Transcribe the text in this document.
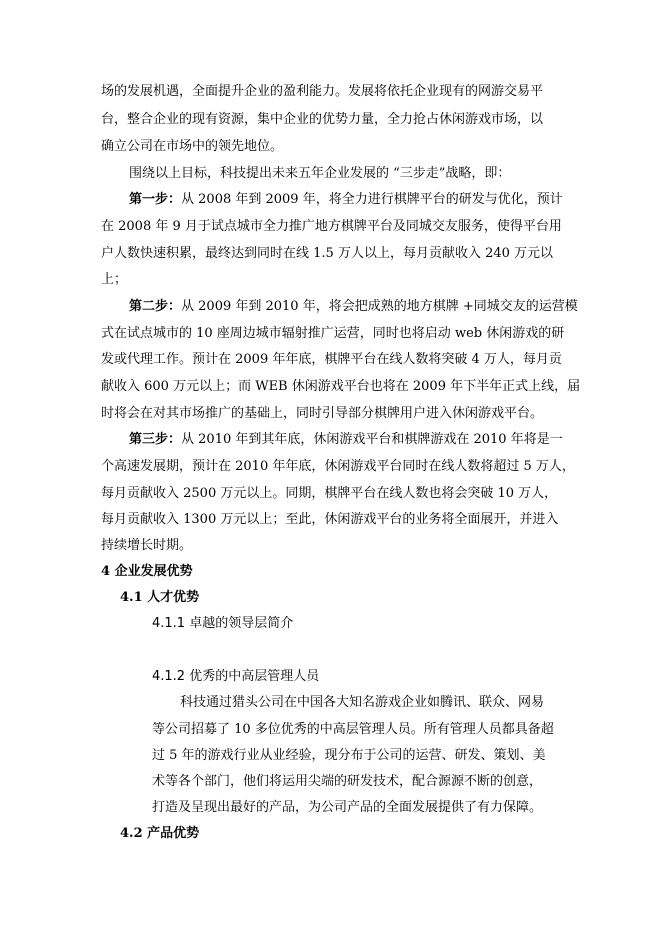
场的发展机遇，全面提升企业的盈利能力。发展将依托企业现有的网游交易平
台，整合企业的现有资源，集中企业的优势力量，全力抢占休闲游戏市场，以
确立公司在市场中的领先地位。
围绕以上目标，科技提出未来五年企业发展的 “三步走”战略，即：
第一步：从 2008 年到 2009 年，将全力进行棋牌平台的研发与优化，预计
在 2008 年 9 月于试点城市全力推广地方棋牌平台及同城交友服务，使得平台用
户人数快速积累，最终达到同时在线 1.5 万人以上，每月贡献收入 240 万元以
上；
第二步：从 2009 年到 2010 年，将会把成熟的地方棋牌 +同城交友的运营模
式在试点城市的 10 座周边城市辐射推广运营，同时也将启动 web 休闲游戏的研
发或代理工作。预计在 2009 年年底，棋牌平台在线人数将突破 4 万人，每月贡
献收入 600 万元以上；而 WEB 休闲游戏平台也将在 2009 年下半年正式上线，届
时将会在对其市场推广的基础上，同时引导部分棋牌用户进入休闲游戏平台。
第三步：从 2010 年到其年底，休闲游戏平台和棋牌游戏在 2010 年将是一
个高速发展期，预计在 2010 年年底，休闲游戏平台同时在线人数将超过 5 万人，
每月贡献收入 2500 万元以上。同期，棋牌平台在线人数也将会突破 10 万人，
每月贡献收入 1300 万元以上；至此，休闲游戏平台的业务将全面展开，并进入
持续增长时期。
4 企业发展优势
4.1 人才优势
4.1.1 卓越的领导层简介
4.1.2 优秀的中高层管理人员
科技通过猎头公司在中国各大知名游戏企业如腾讯、联众、网易
等公司招募了 10 多位优秀的中高层管理人员。所有管理人员都具备超
过 5 年的游戏行业从业经验，现分布于公司的运营、研发、策划、美
术等各个部门，他们将运用尖端的研发技术，配合源源不断的创意，
打造及呈现出最好的产品，为公司产品的全面发展提供了有力保障。
4.2 产品优势
